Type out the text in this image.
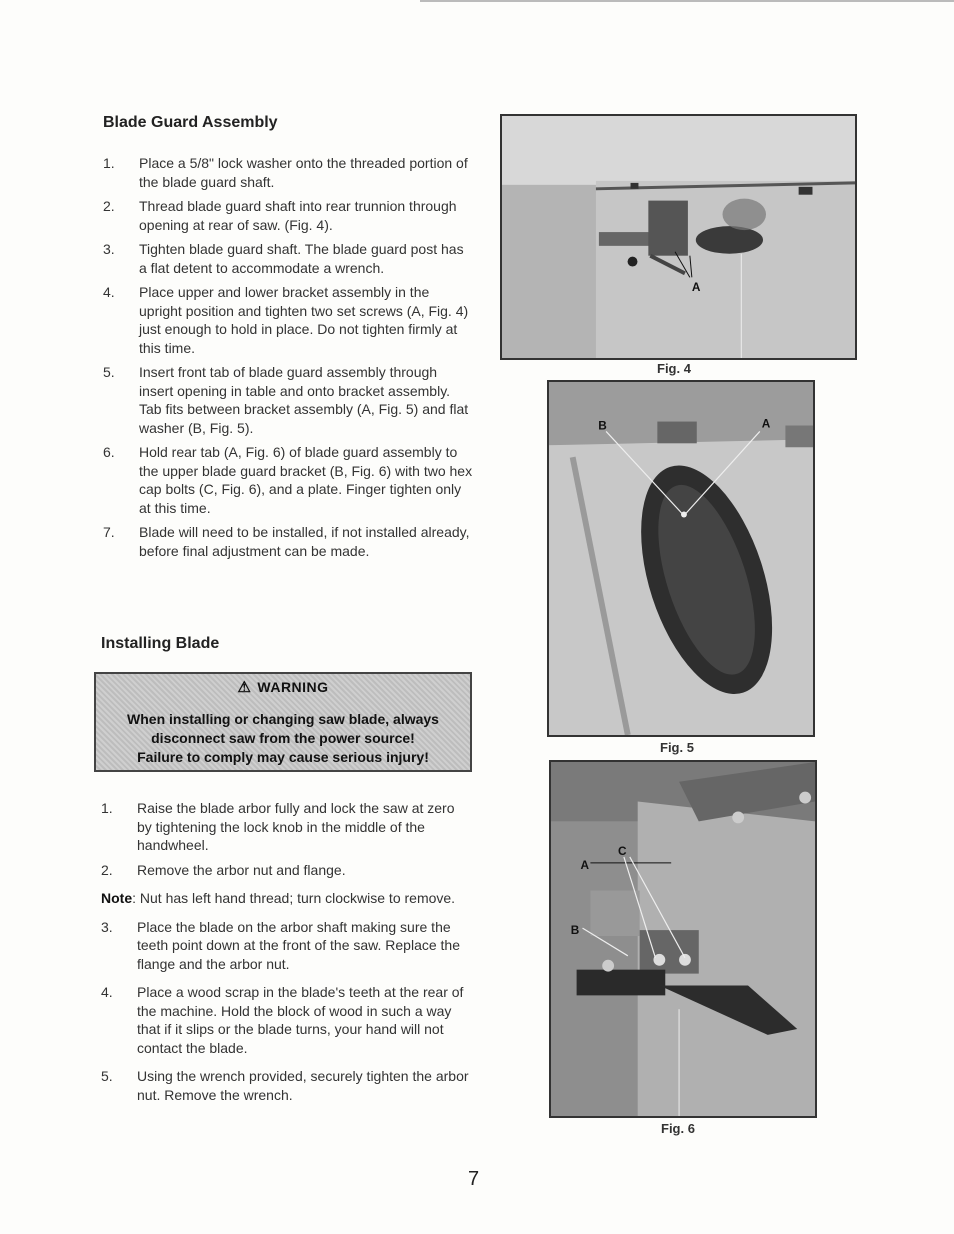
Blade Guard Assembly
1. Place a 5/8" lock washer onto the threaded portion of the blade guard shaft.
2. Thread blade guard shaft into rear trunnion through opening at rear of saw. (Fig. 4).
3. Tighten blade guard shaft. The blade guard post has a flat detent to accommodate a wrench.
4. Place upper and lower bracket assembly in the upright position and tighten two set screws (A, Fig. 4) just enough to hold in place. Do not tighten firmly at this time.
5. Insert front tab of blade guard assembly through insert opening in table and onto bracket assembly. Tab fits between bracket assembly (A, Fig. 5) and flat washer (B, Fig. 5).
6. Hold rear tab (A, Fig. 6) of blade guard assembly to the upper blade guard bracket (B, Fig. 6) with two hex cap bolts (C, Fig. 6), and a plate. Finger tighten only at this time.
7. Blade will need to be installed, if not installed already, before final adjustment can be made.
Installing Blade
⚠ WARNING
When installing or changing saw blade, always
disconnect saw from the power source!
Failure to comply may cause serious injury!
1. Raise the blade arbor fully and lock the saw at zero by tightening the lock knob in the middle of the handwheel.
2. Remove the arbor nut and flange.
Note: Nut has left hand thread; turn clockwise to remove.
3. Place the blade on the arbor shaft making sure the teeth point down at the front of the saw. Replace the flange and the arbor nut.
4. Place a wood scrap in the blade's teeth at the rear of the machine. Hold the block of wood in such a way that if it slips or the blade turns, your hand will not contact the blade.
5. Using the wrench provided, securely tighten the arbor nut. Remove the wrench.
A
Fig. 4
B	A
Fig. 5
A
C
B
Fig. 6
7
